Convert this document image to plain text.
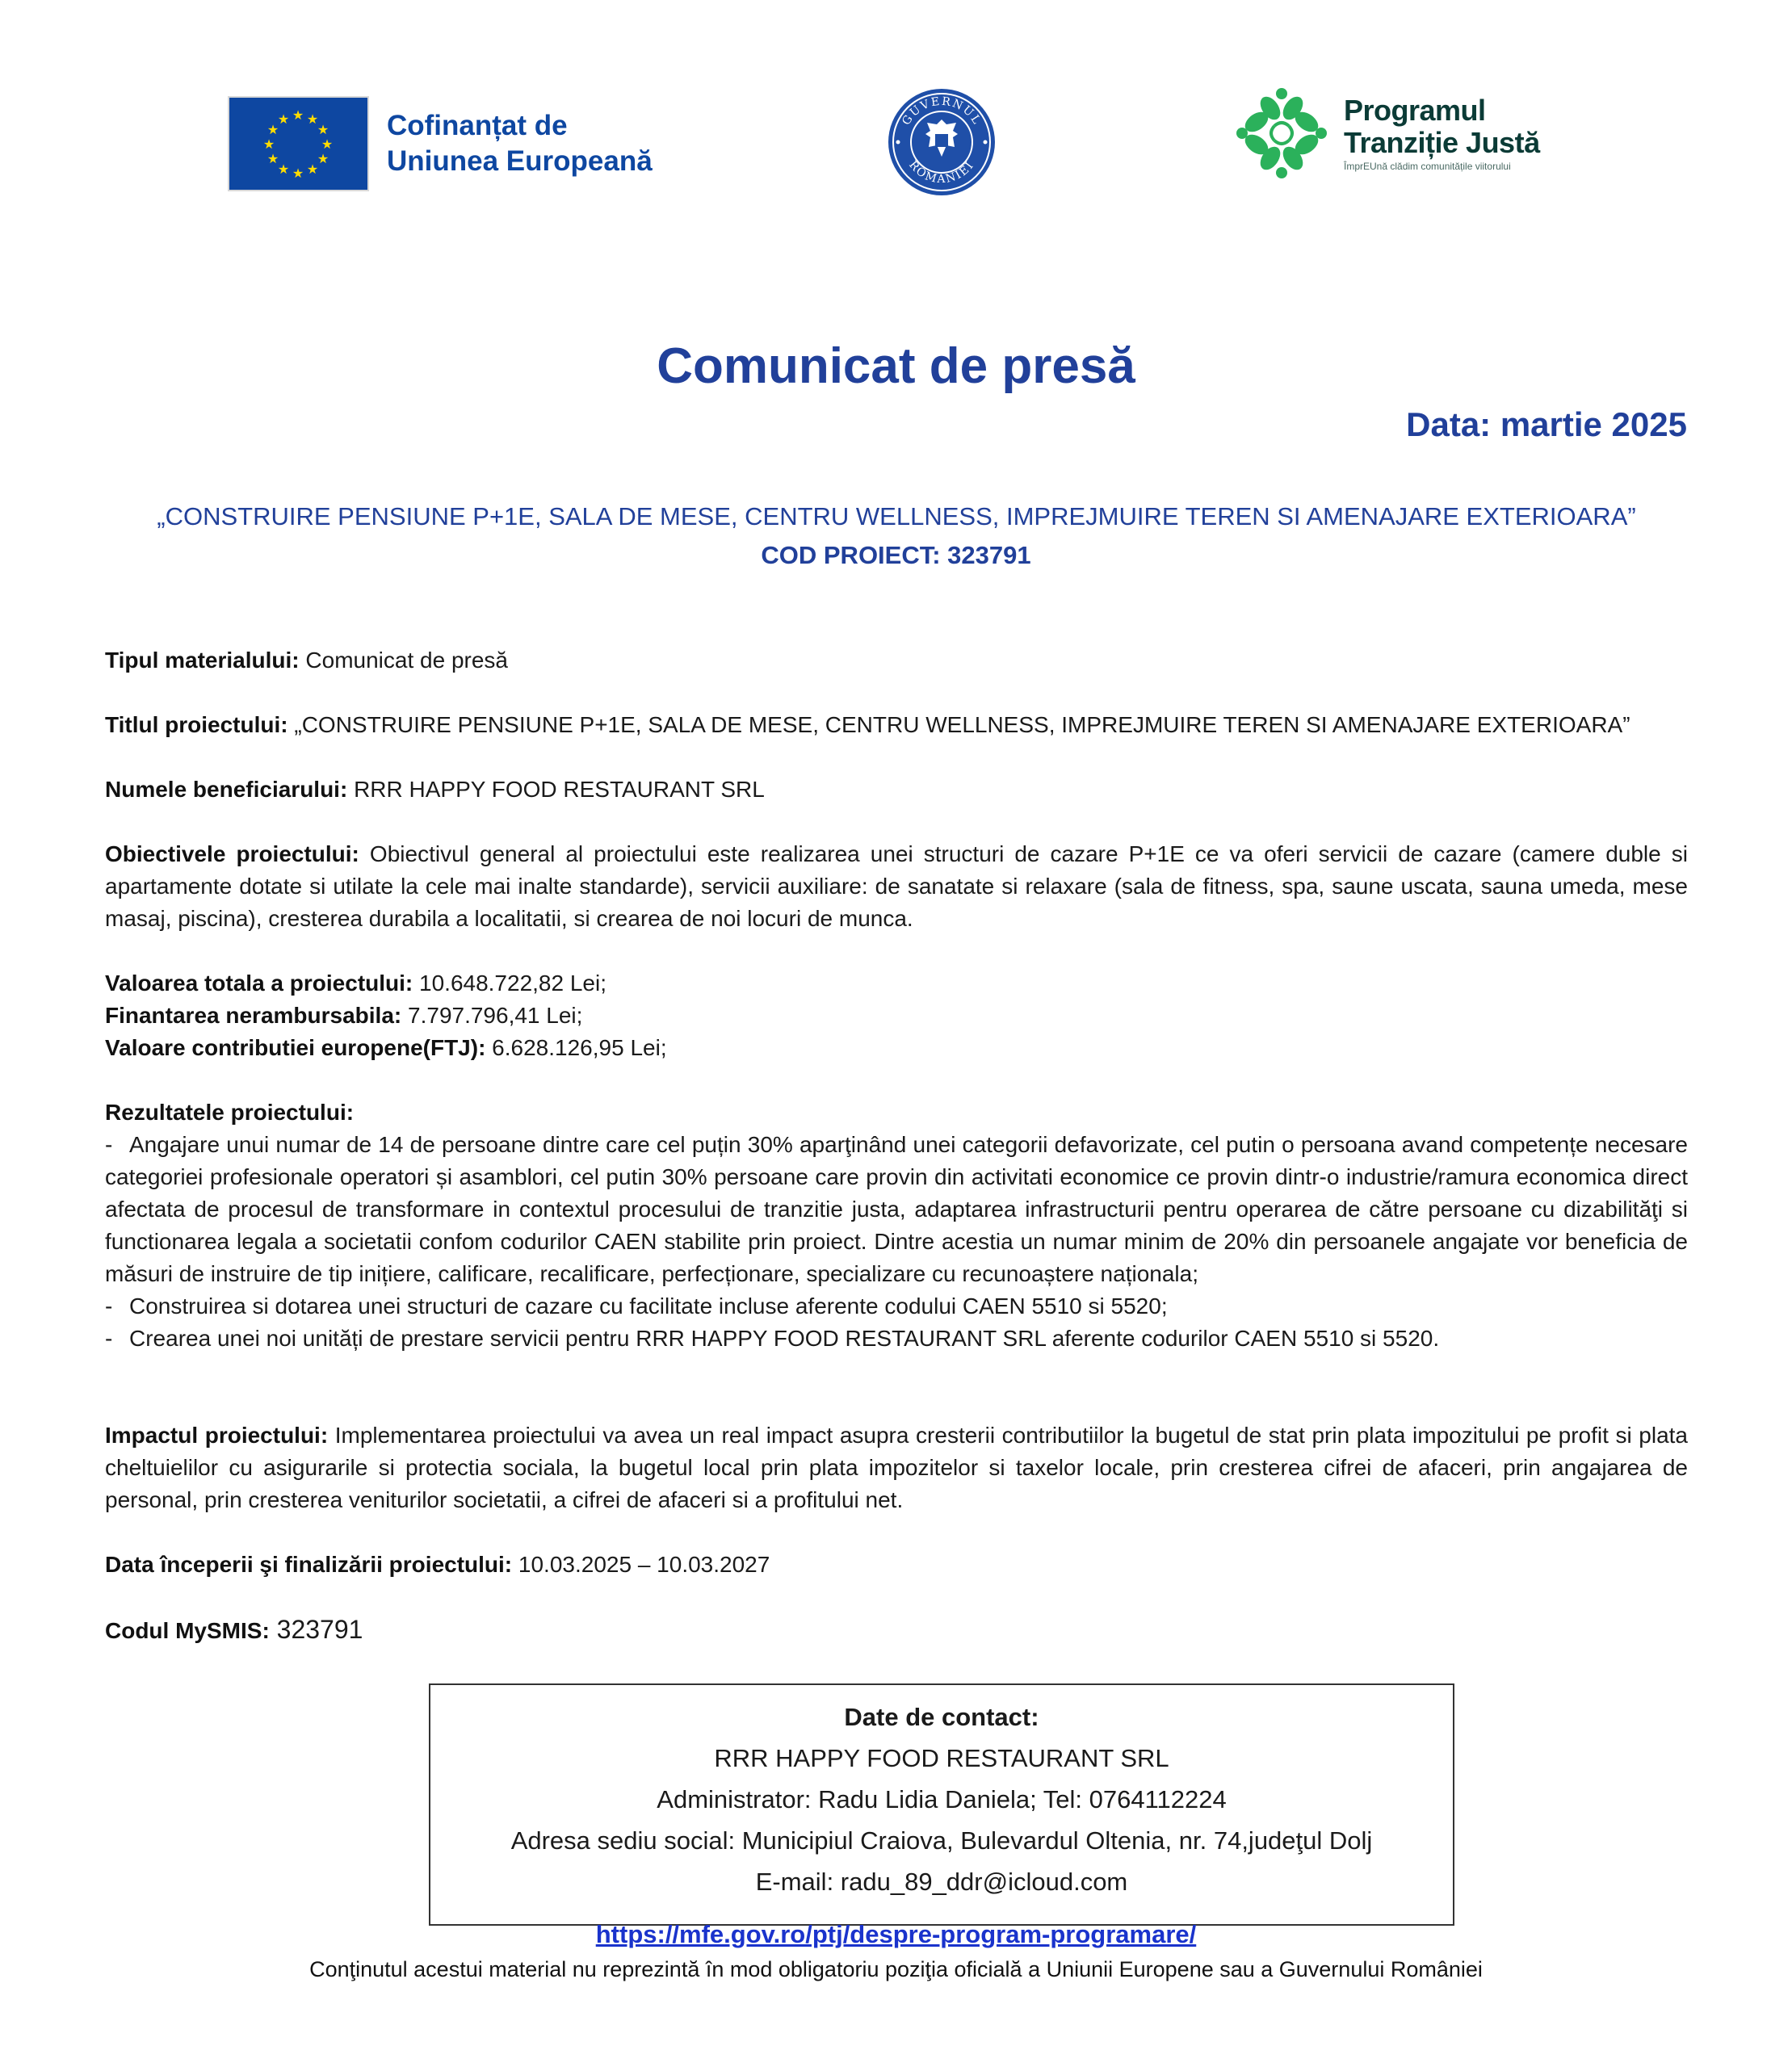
★ ★
★
★
★
★
★
★
★
★
★
★	Cofinanțat de
Uniunea Europeană
GUVERNUL
ROMÂNIEI
Programul
Tranziție Justă
ÎmprEUnă clădim comunitățile viitorului
Comunicat de presă
Data: martie 2025
„CONSTRUIRE PENSIUNE P+1E, SALA DE MESE, CENTRU WELLNESS, IMPREJMUIRE TEREN SI AMENAJARE EXTERIOARA”
COD PROIECT: 323791
Tipul materialului: Comunicat de presă
Titlul proiectului: „CONSTRUIRE PENSIUNE P+1E, SALA DE MESE, CENTRU WELLNESS, IMPREJMUIRE TEREN SI AMENAJARE EXTERIOARA”
Numele beneficiarului: RRR HAPPY FOOD RESTAURANT SRL
Obiectivele proiectului: Obiectivul general al proiectului este realizarea unei structuri de cazare P+1E ce va oferi servicii de cazare (camere duble si apartamente dotate si utilate la cele mai inalte standarde), servicii auxiliare: de sanatate si relaxare (sala de fitness, spa, saune uscata, sauna umeda, mese masaj, piscina), cresterea durabila a localitatii, si crearea de noi locuri de munca.
Valoarea totala a proiectului: 10.648.722,82 Lei;
Finantarea nerambursabila: 7.797.796,41 Lei;
Valoare contributiei europene(FTJ): 6.628.126,95 Lei;
Rezultatele proiectului:
- Angajare unui numar de 14 de persoane dintre care cel puțin 30% aparţinând unei categorii defavorizate, cel putin o persoana avand competențe necesare categoriei profesionale operatori și asamblori, cel putin 30% persoane care provin din activitati economice ce provin dintr-o industrie/ramura economica direct afectata de procesul de transformare in contextul procesului de tranzitie justa, adaptarea infrastructurii pentru operarea de către persoane cu dizabilităţi si functionarea legala a societatii confom codurilor CAEN stabilite prin proiect. Dintre acestia un numar minim de 20% din persoanele angajate vor beneficia de măsuri de instruire de tip inițiere, calificare, recalificare, perfecționare, specializare cu recunoaștere naționala;
- Construirea si dotarea unei structuri de cazare cu facilitate incluse aferente codului CAEN 5510 si 5520;
- Crearea unei noi unități de prestare servicii pentru RRR HAPPY FOOD RESTAURANT SRL aferente codurilor CAEN 5510 si 5520.
Impactul proiectului: Implementarea proiectului va avea un real impact asupra cresterii contributiilor la bugetul de stat prin plata impozitului pe profit si plata cheltuielilor cu asigurarile si protectia sociala, la bugetul local prin plata impozitelor si taxelor locale, prin cresterea cifrei de afaceri, prin angajarea de personal, prin cresterea veniturilor societatii, a cifrei de afaceri si a profitului net.
Data începerii şi finalizării proiectului: 10.03.2025 – 10.03.2027
Codul MySMIS: 323791
Date de contact:
RRR HAPPY FOOD RESTAURANT SRL
Administrator: Radu Lidia Daniela; Tel: 0764112224
Adresa sediu social: Municipiul Craiova, Bulevardul Oltenia, nr. 74,judeţul Dolj
E-mail: radu_89_ddr@icloud.com
https://mfe.gov.ro/ptj/despre-program-programare/
Conţinutul acestui material nu reprezintă în mod obligatoriu poziţia oficială a Uniunii Europene sau a Guvernului României
